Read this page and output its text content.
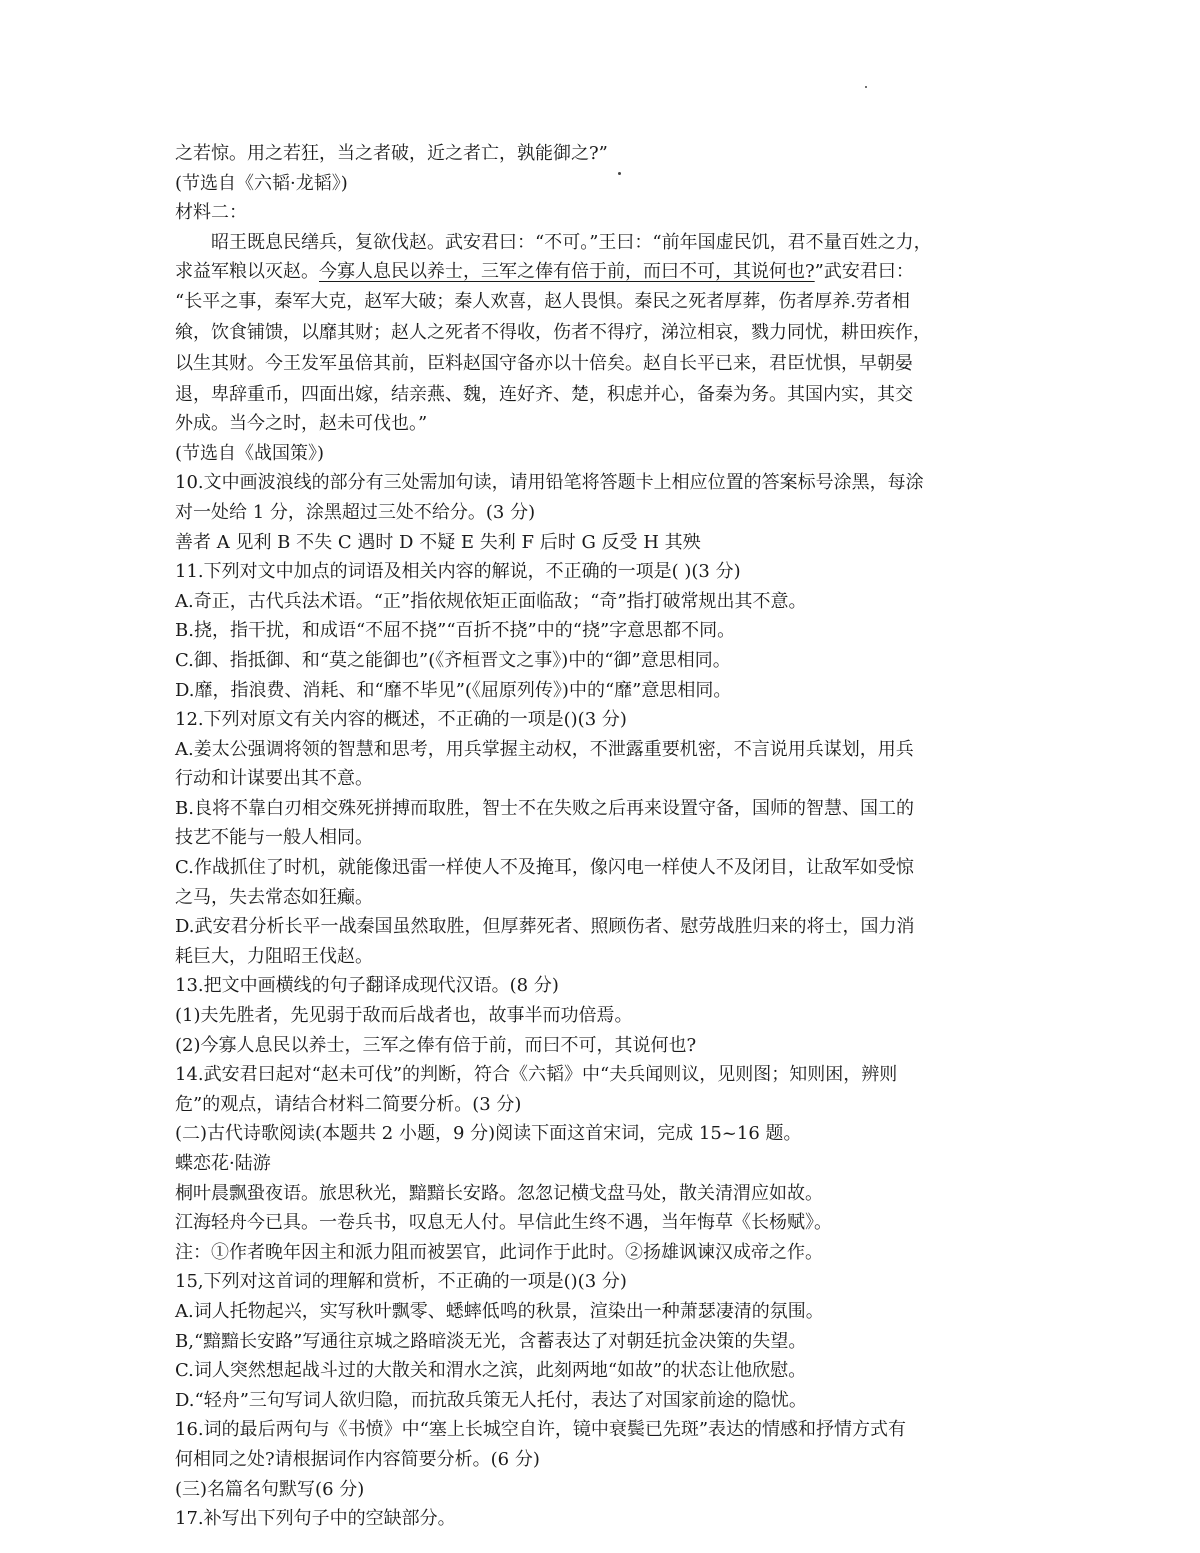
之若惊。用之若狂，当之者破，近之者亡，孰能御之?”
(节选自《六韬·龙韬》)
材料二：
昭王既息民缮兵，复欲伐赵。武安君曰：“不可。”王曰：“前年国虚民饥，君不量百姓之力，
求益军粮以灭赵。今寡人息民以养士，三军之俸有倍于前，而曰不可，其说何也?”武安君曰：
“长平之事，秦军大克，赵军大破；秦人欢喜，赵人畏惧。秦民之死者厚葬，伤者厚养.劳者相
飨，饮食铺馈，以靡其财；赵人之死者不得收，伤者不得疗，涕泣相哀，戮力同忧，耕田疾作，
以生其财。今王发军虽倍其前，臣料赵国守备亦以十倍矣。赵自长平已来，君臣忧惧，早朝晏
退，卑辞重币，四面出嫁，结亲燕、魏，连好齐、楚，积虑并心，备秦为务。其国内实，其交
外成。当今之时，赵未可伐也。”
(节选自《战国策》)
10.文中画波浪线的部分有三处需加句读，请用铅笔将答题卡上相应位置的答案标号涂黑，每涂
对一处给 1 分，涂黑超过三处不给分。(3 分)
善者 A 见利 B 不失 C 遇时 D 不疑 E 失利 F 后时 G 反受 H 其殃
11.下列对文中加点的词语及相关内容的解说，不正确的一项是( )(3 分)
A.奇正，古代兵法术语。“正”指依规依矩正面临敌；“奇”指打破常规出其不意。
B.挠，指干扰，和成语“不屈不挠”“百折不挠”中的“挠”字意思都不同。
C.御、指抵御、和“莫之能御也”(《齐桓晋文之事》)中的“御”意思相同。
D.靡，指浪费、消耗、和“靡不毕见”(《屈原列传》)中的“靡”意思相同。
12.下列对原文有关内容的概述，不正确的一项是()(3 分)
A.姜太公强调将领的智慧和思考，用兵掌握主动权，不泄露重要机密，不言说用兵谋划，用兵
行动和计谋要出其不意。
B.良将不靠白刃相交殊死拼搏而取胜，智士不在失败之后再来设置守备，国师的智慧、国工的
技艺不能与一般人相同。
C.作战抓住了时机，就能像迅雷一样使人不及掩耳，像闪电一样使人不及闭目，让敌军如受惊
之马，失去常态如狂癫。
D.武安君分析长平一战秦国虽然取胜，但厚葬死者、照顾伤者、慰劳战胜归来的将士，国力消
耗巨大，力阻昭王伐赵。
13.把文中画横线的句子翻译成现代汉语。(8 分)
(1)夫先胜者，先见弱于敌而后战者也，故事半而功倍焉。
(2)今寡人息民以养士，三军之俸有倍于前，而曰不可，其说何也?
14.武安君曰起对“赵未可伐”的判断，符合《六韬》中“夫兵闻则议，见则图；知则困，辨则
危”的观点，请结合材料二简要分析。(3 分)
(二)古代诗歌阅读(本题共 2 小题，9 分)阅读下面这首宋词，完成 15~16 题。
蝶恋花·陆游
桐叶晨飘蛩夜语。旅思秋光，黯黯长安路。忽忽记横戈盘马处，散关清渭应如故。
江海轻舟今已具。一卷兵书，叹息无人付。早信此生终不遇，当年悔草《长杨赋》。
注：①作者晚年因主和派力阻而被罢官，此词作于此时。②扬雄讽谏汉成帝之作。
15,下列对这首词的理解和赏析，不正确的一项是()(3 分)
A.词人托物起兴，实写秋叶飘零、蟋蟀低鸣的秋景，渲染出一种萧瑟凄清的氛围。
B,“黯黯长安路”写通往京城之路暗淡无光，含蓄表达了对朝廷抗金决策的失望。
C.词人突然想起战斗过的大散关和渭水之滨，此刻两地“如故”的状态让他欣慰。
D.“轻舟”三句写词人欲归隐，而抗敌兵策无人托付，表达了对国家前途的隐忧。
16.词的最后两句与《书愤》中“塞上长城空自许，镜中衰鬓已先斑”表达的情感和抒情方式有
何相同之处?请根据词作内容简要分析。(6 分)
(三)名篇名句默写(6 分)
17.补写出下列句子中的空缺部分。
